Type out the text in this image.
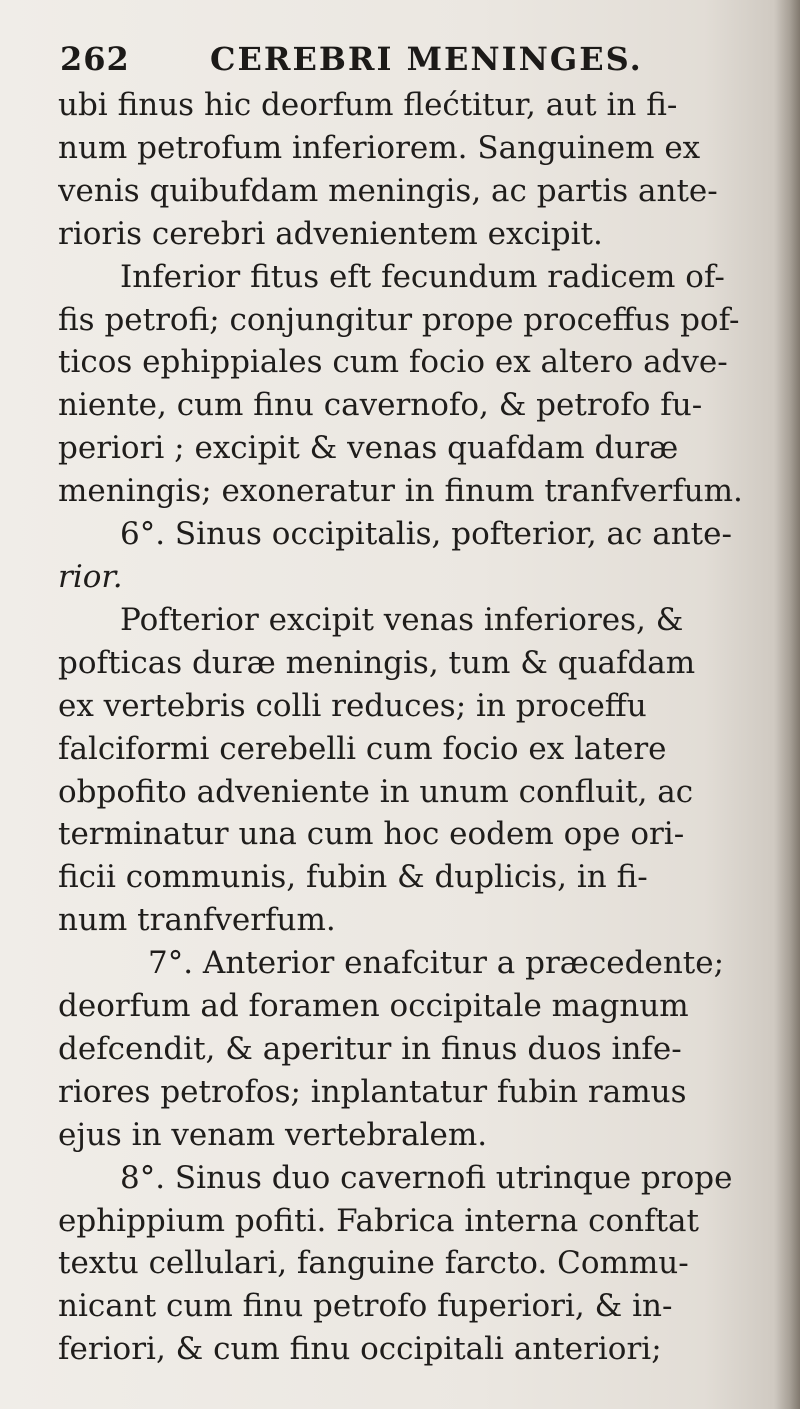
262	CEREBRI MENINGES.
ubi finus hic deorfum flećtitur, aut in fi-
num petrofum inferiorem. Sanguinem ex
venis quibufdam meningis, ac partis ante-
rioris cerebri advenientem excipit.
Inferior fitus eft fecundum radicem of-
fis petrofi; conjungitur prope proceffus pof-
ticos ephippiales cum focio ex altero adve-
niente, cum finu cavernofo, & petrofo fu-
periori ; excipit & venas quafdam duræ
meningis; exoneratur in finum tranfverfum.
6°. Sinus occipitalis, pofterior, ac ante-
rior.
Pofterior excipit venas inferiores, &
pofticas duræ meningis, tum & quafdam
ex vertebris colli reduces; in proceffu
falciformi cerebelli cum focio ex latere
obpofito adveniente in unum confluit, ac
terminatur una cum hoc eodem ope ori-
ficii communis, fubin & duplicis, in fi-
num tranfverfum.
7°. Anterior enafcitur a præcedente;
deorfum ad foramen occipitale magnum
defcendit, & aperitur in finus duos infe-
riores petrofos; inplantatur fubin ramus
ejus in venam vertebralem.
8°. Sinus duo cavernofi utrinque prope
ephippium pofiti. Fabrica interna conftat
textu cellulari, fanguine farcto. Commu-
nicant cum finu petrofo fuperiori, & in-
feriori, & cum finu occipitali anteriori;
